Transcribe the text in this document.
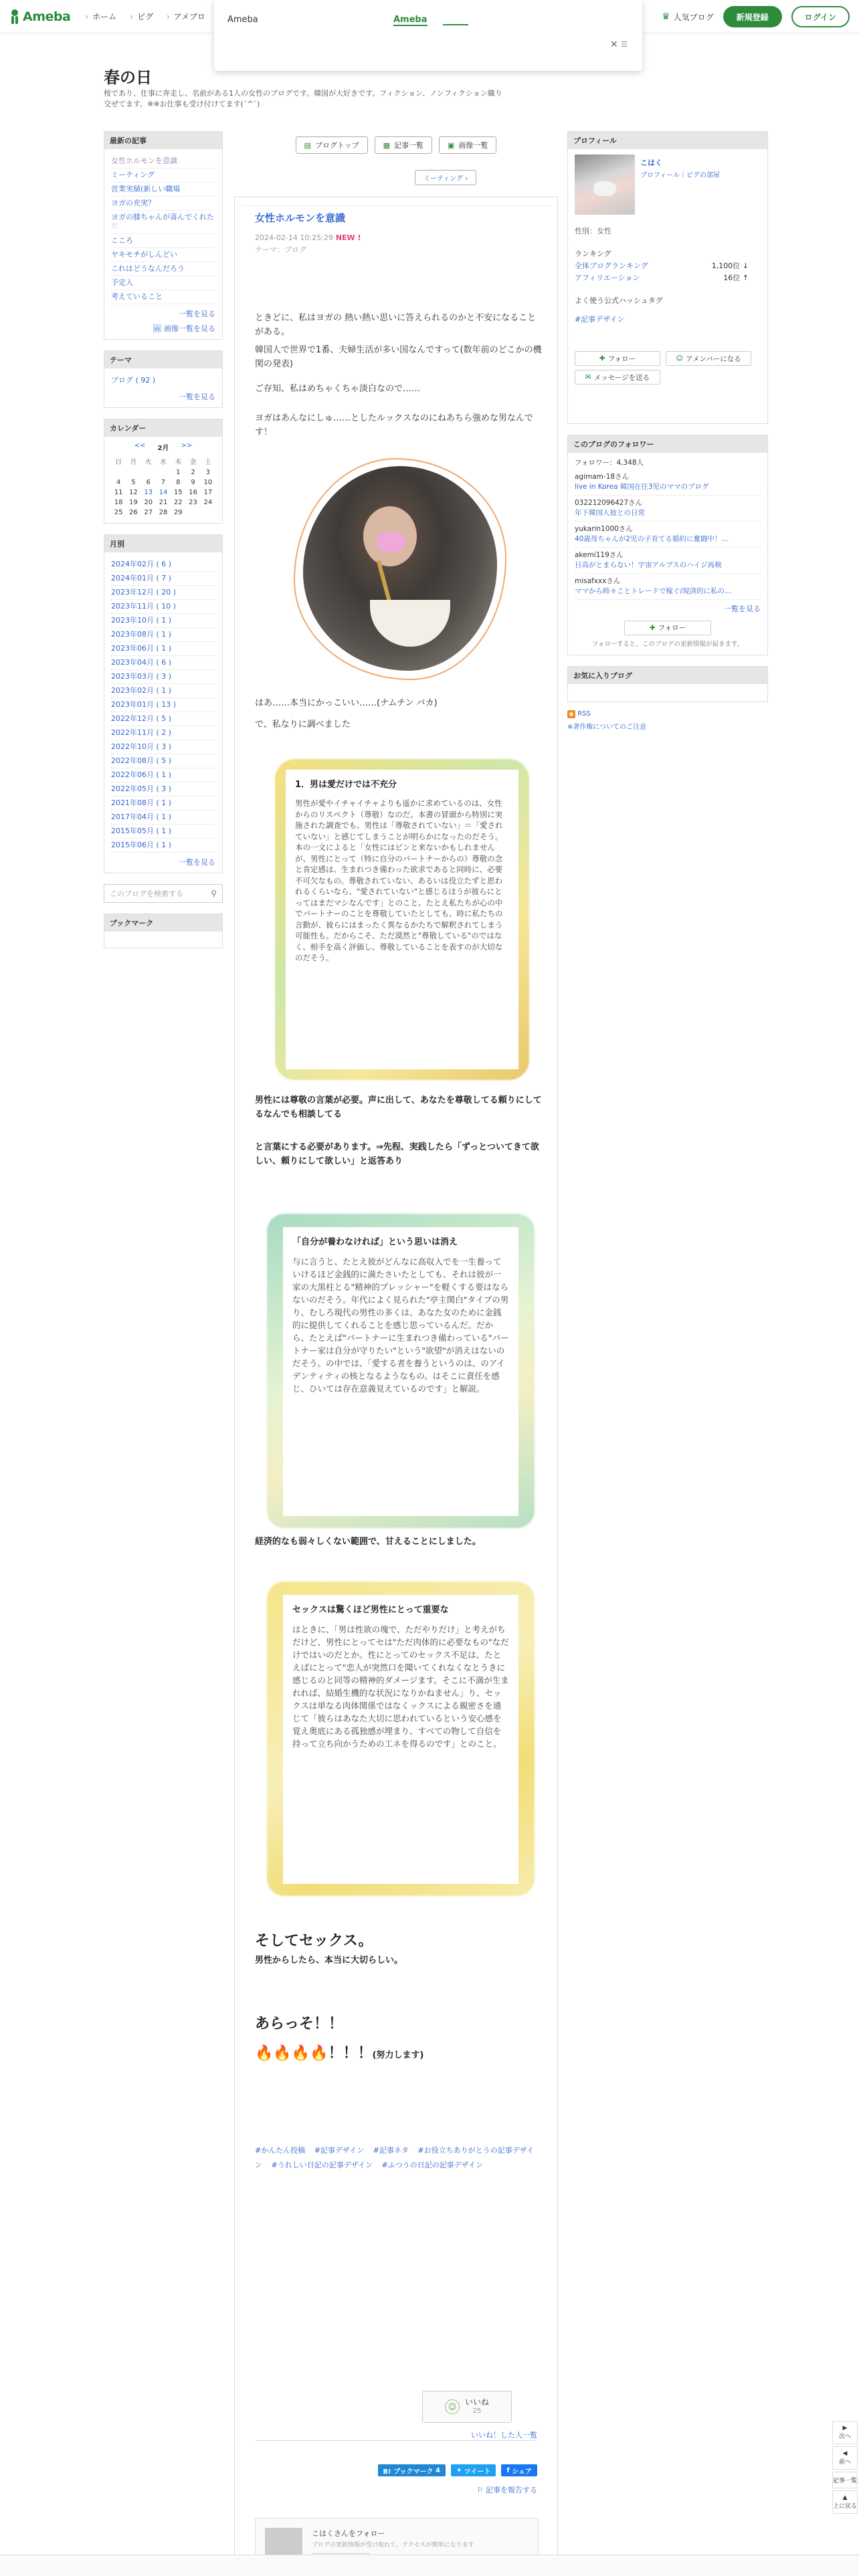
Ameba	› ホーム	› ピグ	› アメブロ	♛ 人気ブログ	新規登録	ログイン
Ameba	Ameba
× ☰
春の日
桜であり、仕事に奔走し、名前がある1人の女性のブログです。韓国が大好きです。フィクション、ノンフィクション織り交ぜてます。※※お仕事も受け付けてます(´^`)
最新の記事
女性ホルモンを意識
ミーティング
営業実績(新しい職場
ヨガの充実？
ヨガの膝ちゃんが喜んでくれた♡
こころ
ヤキモチがしんどい
これはどうなんだろう
予定入
考えていること
一覧を見る
🖼 画像一覧を見る
テーマ
ブログ ( 92 )
一覧を見る
カレンダー
<< 2月 >>
日	月	火	水	木	金	土
				1	2	3
4	5	6	7	8	9	10
11	12	13	14	15	16	17
18	19	20	21	22	23	24
25	26	27	28	29		
月別
2024年02月 ( 6 )
2024年01月 ( 7 )
2023年12月 ( 20 )
2023年11月 ( 10 )
2023年10月 ( 1 )
2023年08月 ( 1 )
2023年06月 ( 1 )
2023年04月 ( 6 )
2023年03月 ( 3 )
2023年02月 ( 1 )
2023年01月 ( 13 )
2022年12月 ( 5 )
2022年11月 ( 2 )
2022年10月 ( 3 )
2022年08月 ( 5 )
2022年06月 ( 1 )
2022年05月 ( 3 )
2021年08月 ( 1 )
2017年04月 ( 1 )
2015年05月 ( 1 )
2015年06月 ( 1 )
一覧を見る
このブログを検索する	⚲
ブックマーク
▤ ブログトップ	▦ 記事一覧	▣ 画像一覧
ミーティング ›
女性ホルモンを意識
2024-02-14 10:25:29 NEW !
テーマ：ブログ
ときどに、私はヨガの 熱い熱い思いに答えられるのかと不安になることがある。
韓国人で世界で1番、夫婦生活が多い国なんですって(数年前のどこかの機関の発表)
ご存知、私はめちゃくちゃ淡白なので……
ヨガはあんなにしゅ……としたルックスなのにねあちら強めな男なんです！
はあ……本当にかっこいい……(ナムチン バカ)
で、私なりに調べました
1．男は愛だけでは不充分
男性が愛やイチャイチャよりも遥かに求めているのは、女性からのリスペクト（尊敬）なのだ。本書の冒頭から特別に実施された調査でも、男性は「尊敬されていない」＝「愛されていない」と感じてしまうことが明らかになったのだそう。本の一文によると「女性にはピンと来ないかもしれませんが、男性にとって（特に自分のパートナーからの）尊敬の念と肯定感は、生まれつき備わった欲求であると同時に、必要不可欠なもの。尊敬されていない、あるいは役立たずと思われるくらいなら、"愛されていない"と感じるほうが彼らにとってはまだマシなんです」とのこと。たとえ私たちが心の中でパートナーのことを尊敬していたとしても、時に私たちの言動が、彼らにはまったく異なるかたちで解釈されてしまう可能性も。だからこそ、ただ漠然と"尊敬している"のではなく、相手を高く評価し、尊敬していることを表すのが大切なのだそう。
男性には尊敬の言葉が必要。声に出して、あなたを尊敬してる頼りにしてるなんでも相談してる
と言葉にする必要があります。⇒先程、実践したら「ずっとついてきて欲しい、頼りにして欲しい」と返答あり
「自分が養わなければ」という思いは消え
与に言うと、たとえ彼がどんなに高収入でを一生養っていけるほど金銭的に満たさいたとしても、それは彼が一家の大黒柱とる"精神的プレッシャー"を軽くする要はならないのだそう。年代によく見られた"亭主関白"タイプの男り、むしろ現代の男性の多くは、あなた女のために金銭的に提供してくれることを感じ思っているんだ。だから、たとえば"パートナーに生まれつき備わっている"パートナー家は自分が守りたい"という"欲望"が消えはないのだそう。の中では、「愛する者を養うというのは、のアイデンティティの核となるようなもの。はそこに責任を感じ、ひいては存在意義見えているのです」と解説。
経済的なも弱々しくない範囲で、甘えることにしました。
セックスは驚くほど男性にとって重要な
はときに、「男は性欲の塊で、ただやりだけ」と考えがちだけど、男性にとってセは"ただ肉体的に必要なもの"なだけではいのだとか。性にとってのセックス不足は、たとえばにとって"恋人が突然口を聞いてくれなくなとうきに感じるのと同等の精神的ダメージます。そこに不満が生まれれば、結婚生機的な状況になりかねません」り、セックスは単なる肉体関係ではなくックスによる親密さを通じて「彼らはあなた大切に思われているという安心感を覚え奥底にある孤独感が埋まり、すべての物して自信を持って立ち向かうための工ネを得るのです」とのこと。
そしてセックス。
男性からしたら、本当に大切らしい。
あらっそ！！
🔥🔥🔥🔥！！！(努力します)
#かんたん投稿 #記事デザイン #記事ネタ #お役立ちありがとうの記事デザイン #うれしい日記の記事デザイン #ふつうの日記の記事デザイン
☺	いいね
25
いいね！した人一覧
B! ブックマーク
4 ✦
ツイート f
シェア
⚐ 記事を報告する
こはくさんをフォロー
ブログの更新情報が受け取れて、アクセスが簡単になります
プロフィール
こはく
プロフィール｜ピグの部屋
性別：女性
ランキング
全体ブログランキング	1,100位 ↓
アフィリエーション	16位 ↑
よく使う公式ハッシュタグ
#記事デザイン
✚ フォロー	☺ アメンバーになる
✉ メッセージを送る
このブログのフォロワー
フォロワー：4,348人
agimam-18さん
live in Korea 韓国在住3児のママのブログ
032212096427さん
年下韓国人彼との日常
yukarin1000さん
40歳母ちゃんが2児の子育てる婚約に奮闘中！...
akemi119さん
日高がとまらない！宇宙アルプスのハイジ再検
misafxxxさん
ママから時々ことトレードで稼ぐ/現済的に私の...
一覧を見る
✚ フォロー
フォローすると、このブログの更新情報が届きます。
お気に入りブログ
◉ RSS
※著作権についてのご注意
▶
次へ
◀
前へ
記事一覧
▲
上に戻る
